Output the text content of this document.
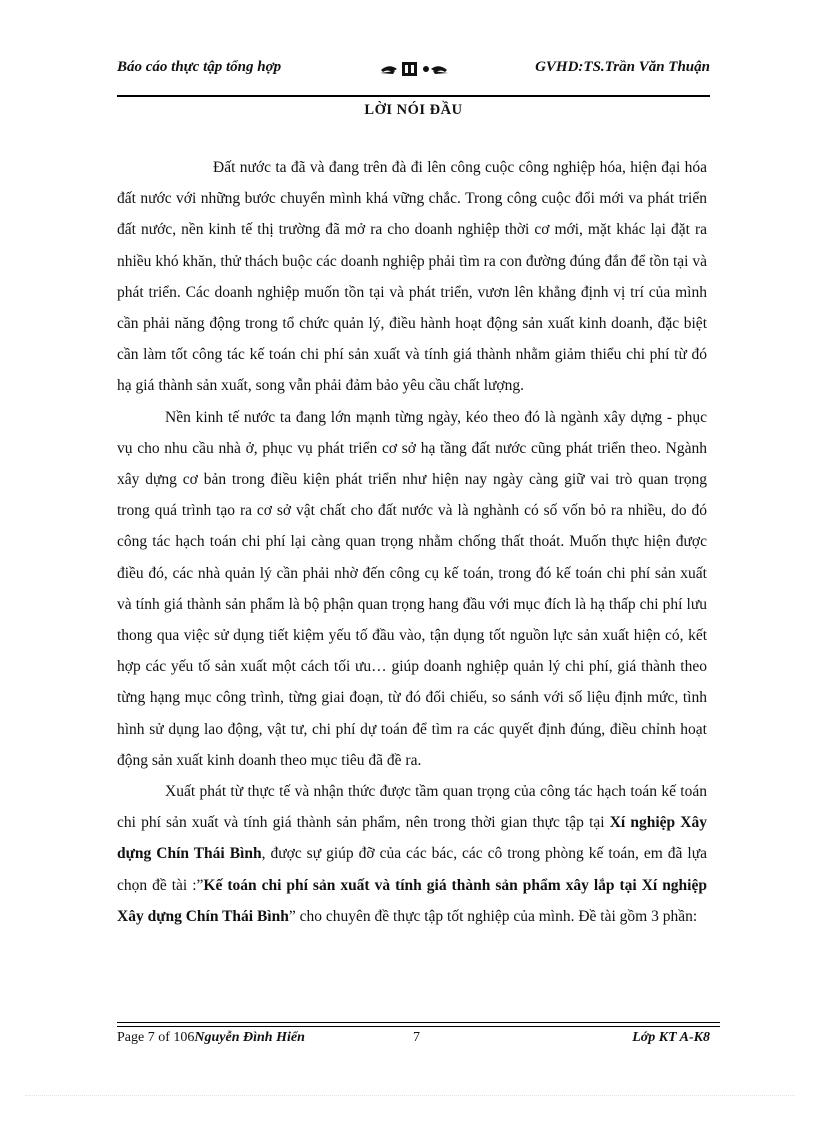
Báo cáo thực tập tổng hợp	GVHD:TS.Trần Văn Thuận
LỜI NÓI ĐẦU

Đất nước ta đã và đang trên đà đi lên công cuộc công nghiệp hóa, hiện đại hóa đất nước với những bước chuyển mình khá vững chắc. Trong công cuộc đổi mới va phát triển đất nước, nền kinh tế thị trường đã mở ra cho doanh nghiệp thời cơ mới, mặt khác lại đặt ra nhiều khó khăn, thử thách buộc các doanh nghiệp phải tìm ra con đường đúng đắn để tồn tại và phát triển. Các doanh nghiệp muốn tồn tại và phát triển, vươn lên khẳng định vị trí của mình cần phải năng động trong tổ chức quản lý, điều hành hoạt động sản xuất kinh doanh, đặc biệt cần làm tốt công tác kế toán chi phí sản xuất và tính giá thành nhằm giảm thiểu chi phí từ đó hạ giá thành sản xuất, song vẫn phải đảm bảo yêu cầu chất lượng.

Nền kinh tế nước ta đang lớn mạnh từng ngày, kéo theo đó là ngành xây dựng - phục vụ cho nhu cầu nhà ở, phục vụ phát triển cơ sở hạ tầng đất nước cũng phát triển theo. Ngành xây dựng cơ bản trong điều kiện phát triển như hiện nay ngày càng giữ vai trò quan trọng trong quá trình tạo ra cơ sở vật chất cho đất nước và là nghành có số vốn bỏ ra nhiều, do đó công tác hạch toán chi phí lại càng quan trọng nhằm chống thất thoát. Muốn thực hiện được điều đó, các nhà quản lý cần phải nhờ đến công cụ kế toán, trong đó kế toán chi phí sản xuất và tính giá thành sản phẩm là bộ phận quan trọng hang đầu với mục đích là hạ thấp chi phí lưu thong qua việc sử dụng tiết kiệm yếu tố đầu vào, tận dụng tốt nguồn lực sản xuất hiện có, kết hợp các yếu tố sản xuất một cách tối ưu… giúp doanh nghiệp quản lý chi phí, giá thành theo từng hạng mục công trình, từng giai đoạn, từ đó đối chiếu, so sánh với số liệu định mức, tình hình sử dụng lao động, vật tư, chi phí dự toán để tìm ra các quyết định đúng, điều chỉnh hoạt động sản xuất kinh doanh theo mục tiêu đã đề ra.

Xuất phát từ thực tế và nhận thức được tầm quan trọng của công tác hạch toán kế toán chi phí sản xuất và tính giá thành sản phẩm, nên trong thời gian thực tập tại Xí nghiệp Xây dựng Chín Thái Bình, được sự giúp đỡ của các bác, các cô trong phòng kế toán, em đã lựa chọn đề tài :”Kế toán chi phí sản xuất và tính giá thành sản phẩm xây lắp tại Xí nghiệp Xây dựng Chín Thái Bình” cho chuyên đề thực tập tốt nghiệp của mình. Đề tài gồm 3 phần:

Page 7 of 106Nguyễn Đình Hiển	7	Lớp KT A-K8
